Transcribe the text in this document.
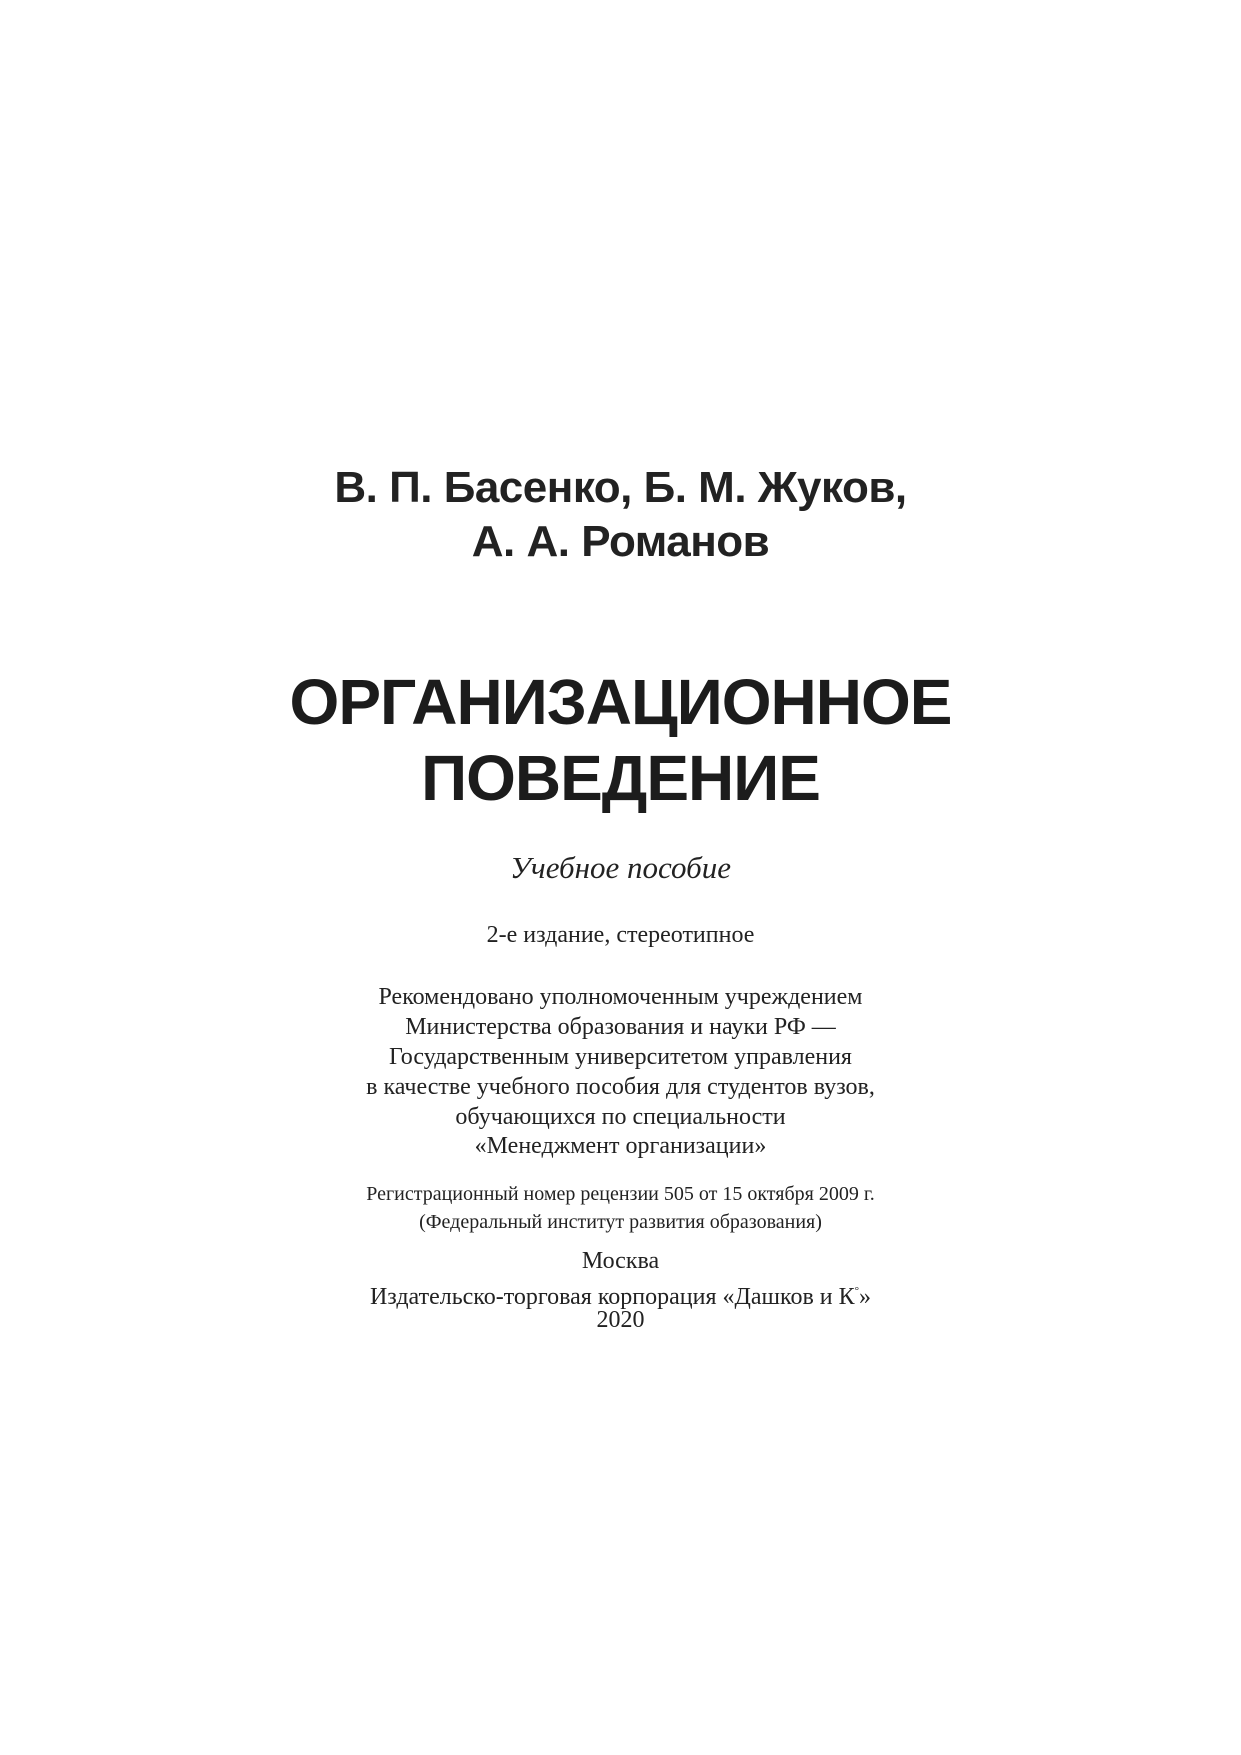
В. П. Басенко, Б. М. Жуков,

А. А. Романов

ОРГАНИЗАЦИОННОЕ
ПОВЕДЕНИЕ

Учебное пособие

2-е издание, стереотипное

Рекомендовано уполномоченным учреждением

Министерства образования и науки РФ —

Государственным университетом управления

в качестве учебного пособия для студентов вузов,

обучающихся по специальности

«Менеджмент организации»

Регистрационный номер рецензии 505 от 15 октября 2009 г.

(Федеральный институт развития образования)

Москва

Издательско-торговая корпорация «Дашков и К°»

2020
